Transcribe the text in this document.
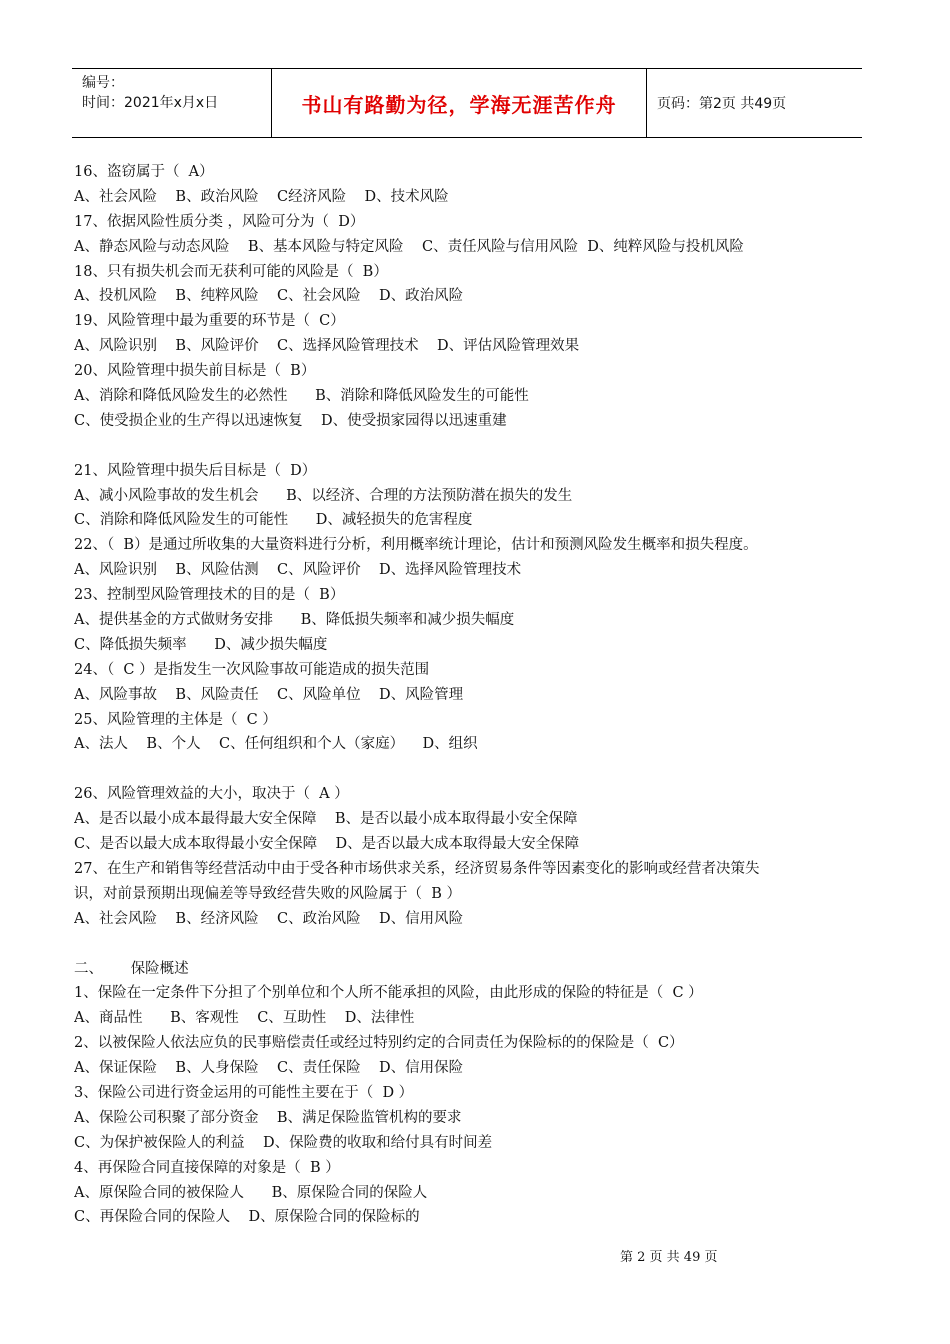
编号：
时间：2021年x月x日	书山有路勤为径，学海无涯苦作舟	页码：第2页 共49页
16、盗窃属于（  A）
A、社会风险    B、政治风险    C经济风险    D、技术风险
17、依据风险性质分类 ，风险可分为（  D）
A、静态风险与动态风险    B、基本风险与特定风险    C、责任风险与信用风险  D、纯粹风险与投机风险
18、只有损失机会而无获利可能的风险是（  B）
A、投机风险    B、纯粹风险    C、社会风险    D、政治风险
19、风险管理中最为重要的环节是（  C）
A、风险识别    B、风险评价    C、选择风险管理技术    D、评估风险管理效果
20、风险管理中损失前目标是（  B）
A、消除和降低风险发生的必然性      B、消除和降低风险发生的可能性
C、使受损企业的生产得以迅速恢复    D、使受损家园得以迅速重建
21、风险管理中损失后目标是（  D）
A、减小风险事故的发生机会      B、以经济、合理的方法预防潜在损失的发生
C、消除和降低风险发生的可能性      D、减轻损失的危害程度
22、（  B）是通过所收集的大量资料进行分析，利用概率统计理论，估计和预测风险发生概率和损失程度。
A、风险识别    B、风险估测    C、风险评价    D、选择风险管理技术
23、控制型风险管理技术的目的是（  B）
A、提供基金的方式做财务安排      B、降低损失频率和减少损失幅度
C、降低损失频率      D、减少损失幅度
24、（  C ）是指发生一次风险事故可能造成的损失范围
A、风险事故    B、风险责任    C、风险单位    D、风险管理
25、风险管理的主体是（  C ）
A、法人    B、个人    C、任何组织和个人（家庭）    D、组织
26、风险管理效益的大小，取决于（  A ）
A、是否以最小成本最得最大安全保障    B、是否以最小成本取得最小安全保障
C、是否以最大成本取得最小安全保障    D、是否以最大成本取得最大安全保障
27、在生产和销售等经营活动中由于受各种市场供求关系，经济贸易条件等因素变化的影响或经营者决策失
识，对前景预期出现偏差等导致经营失败的风险属于（  B ）
A、社会风险    B、经济风险    C、政治风险    D、信用风险
二、      保险概述
1、保险在一定条件下分担了个别单位和个人所不能承担的风险，由此形成的保险的特征是（  C ）
A、商品性      B、客观性    C、互助性    D、法律性
2、以被保险人依法应负的民事赔偿责任或经过特别约定的合同责任为保险标的的保险是（  C）
A、保证保险    B、人身保险    C、责任保险    D、信用保险
3、保险公司进行资金运用的可能性主要在于（  D ）
A、保险公司积聚了部分资金    B、满足保险监管机构的要求
C、为保护被保险人的利益    D、保险费的收取和给付具有时间差
4、再保险合同直接保障的对象是（  B ）
A、原保险合同的被保险人      B、原保险合同的保险人
C、再保险合同的保险人    D、原保险合同的保险标的
第 2 页 共 49 页
